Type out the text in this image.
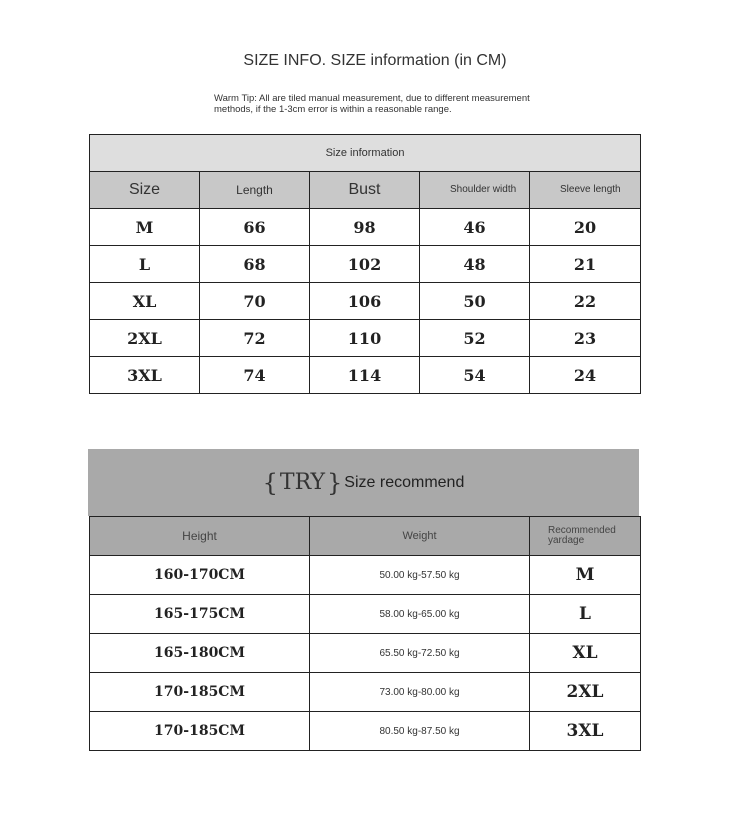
SIZE INFO. SIZE information (in CM)
Warm Tip: All are tiled manual measurement, due to different measurement methods, if the 1-3cm error is within a reasonable range.
Size information				
Size	Length	Bust	Shoulder width	Sleeve length
M	66	98	46	20
L	68	102	48	21
XL	70	106	50	22
2XL	72	110	52	23
3XL	74	114	54	24
{ TRY } Size recommend
Height	Weight	Recommended yardage
160-170CM	50.00 kg-57.50 kg	M
165-175CM	58.00 kg-65.00 kg	L
165-180CM	65.50 kg-72.50 kg	XL
170-185CM	73.00 kg-80.00 kg	2XL
170-185CM	80.50 kg-87.50 kg	3XL
